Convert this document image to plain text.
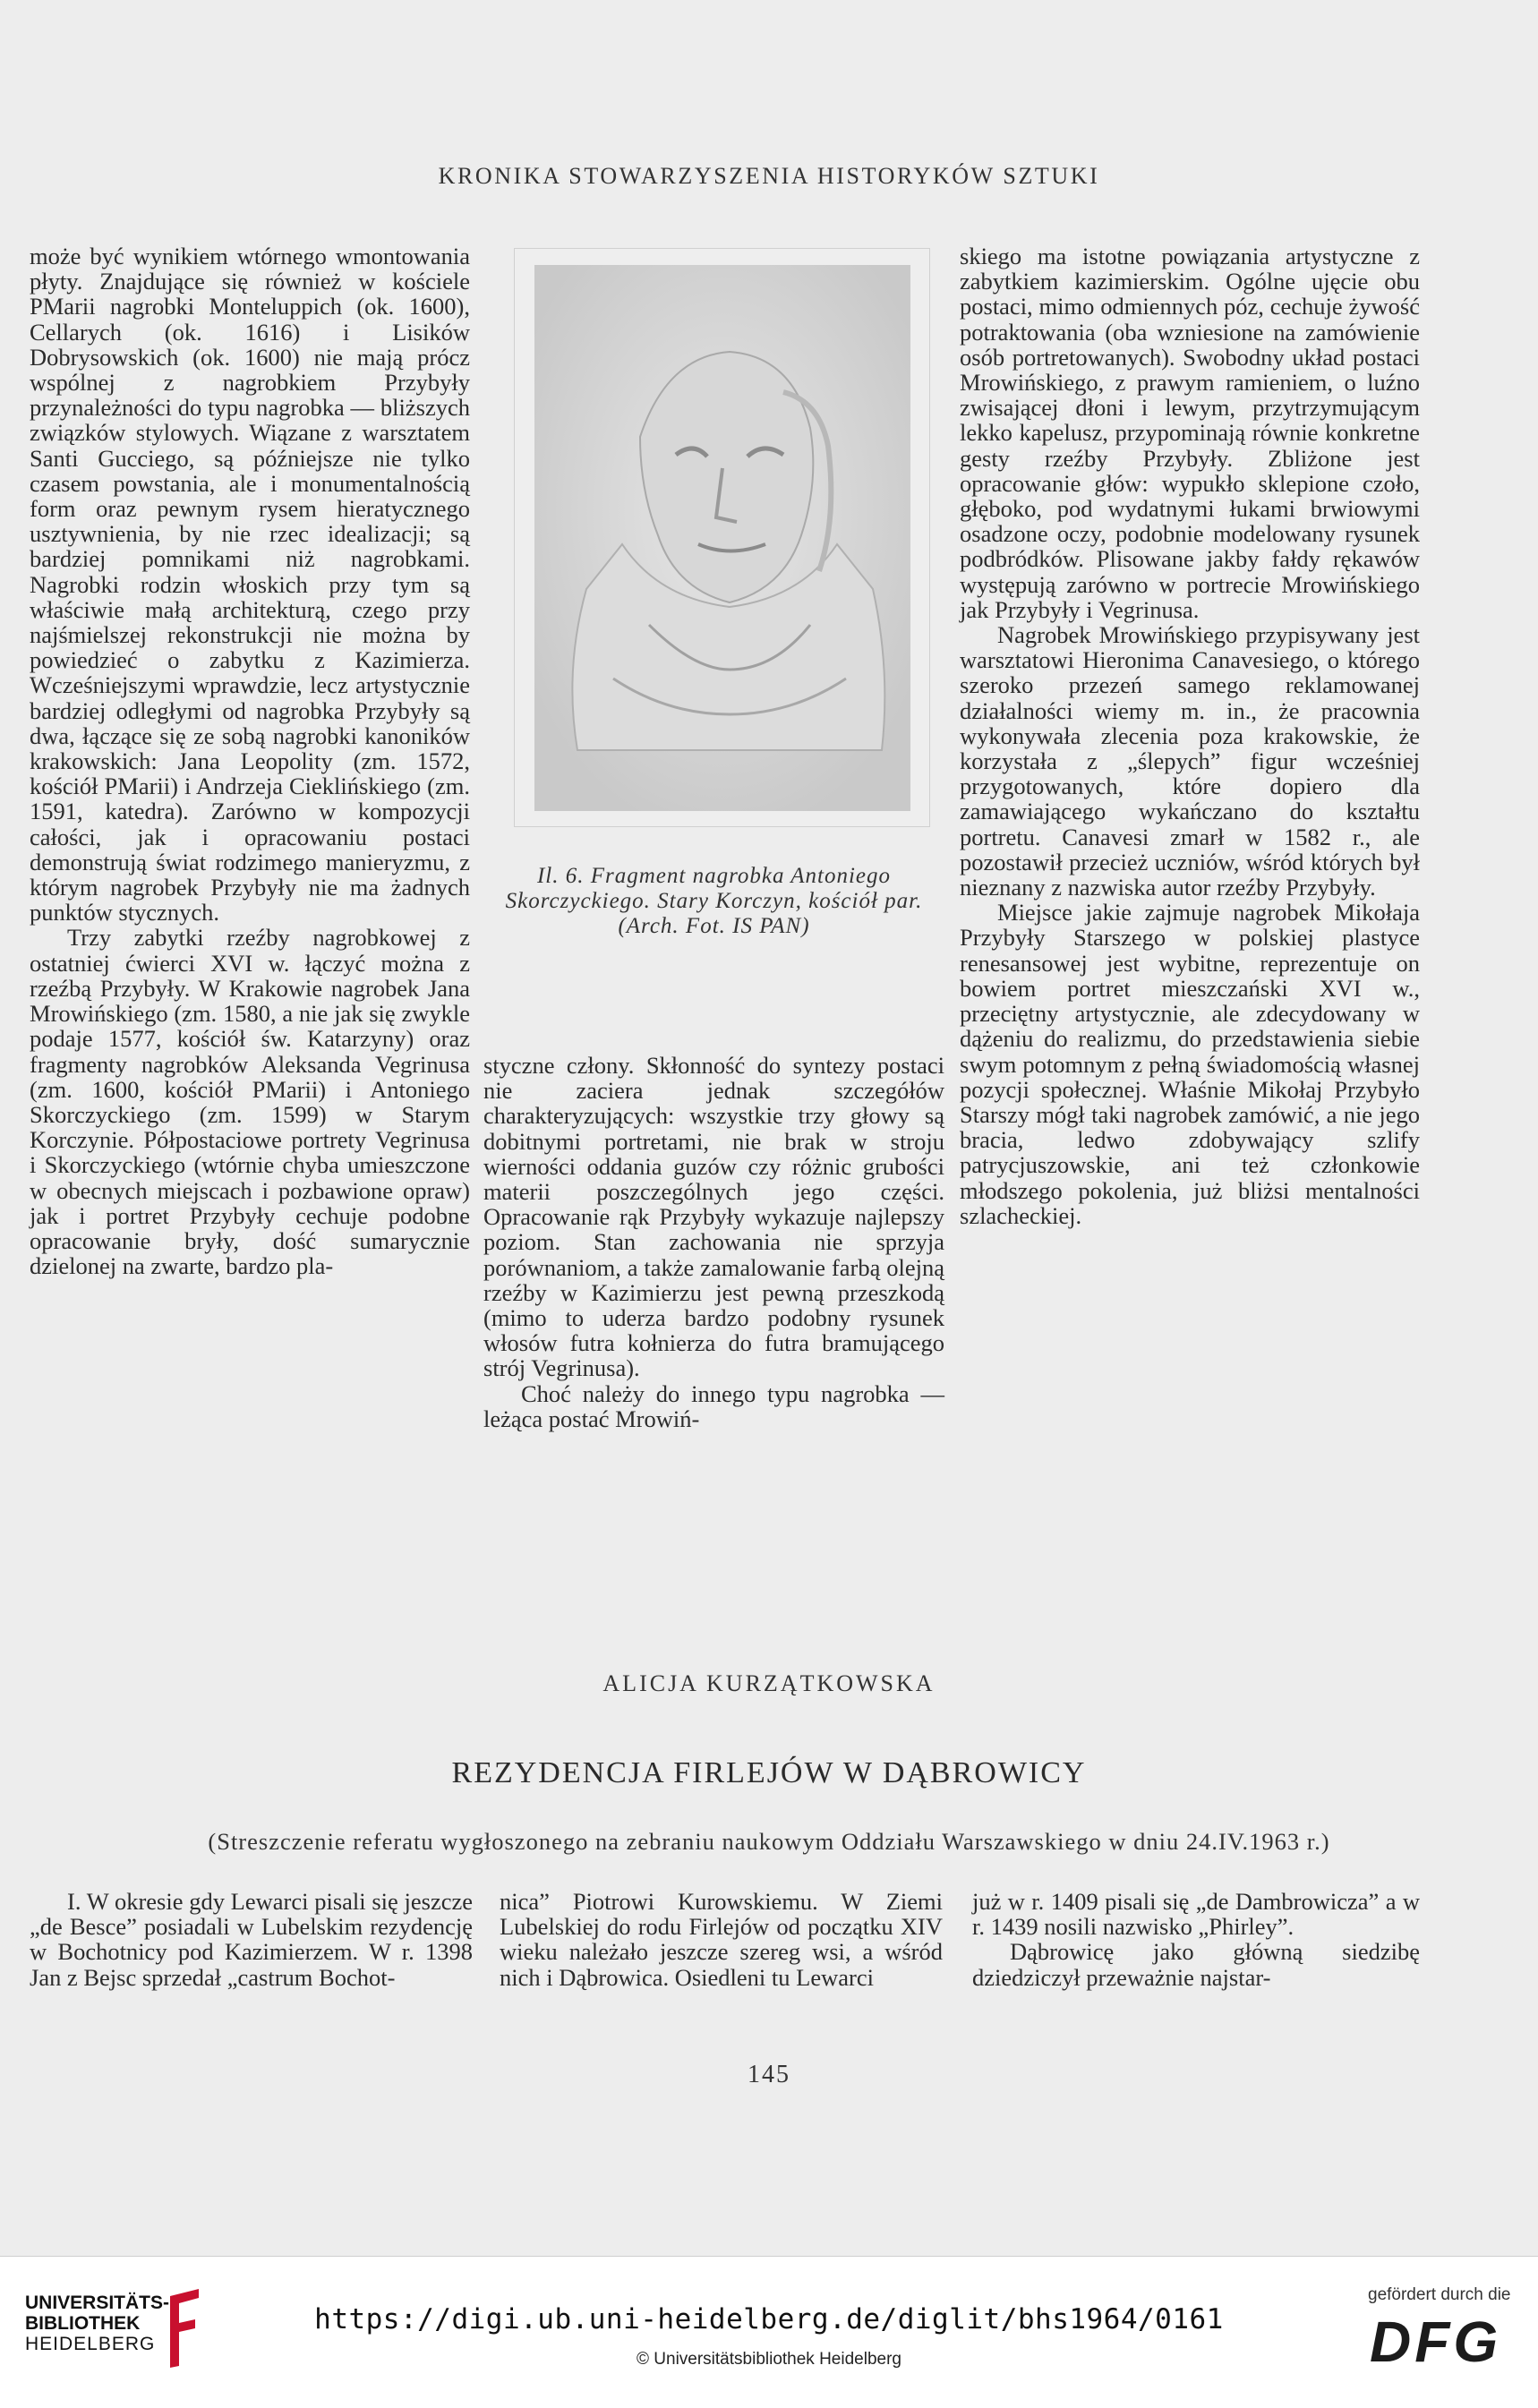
KRONIKA STOWARZYSZENIA HISTORYKÓW SZTUKI

może być wynikiem wtórnego wmontowania płyty. Znajdujące się również w kościele PMarii nagrobki Monteluppich (ok. 1600), Cellarych (ok. 1616) i Lisików Dobrysowskich (ok. 1600) nie mają prócz wspólnej z nagrobkiem Przybyły przynależności do typu nagrobka — bliższych związków stylowych. Wiązane z warsztatem Santi Gucciego, są późniejsze nie tylko czasem powstania, ale i monumentalnością form oraz pewnym rysem hieratycznego usztywnienia, by nie rzec idealizacji; są bardziej pomnikami niż nagrobkami. Nagrobki rodzin włoskich przy tym są właściwie małą architekturą, czego przy najśmielszej rekonstrukcji nie można by powiedzieć o zabytku z Kazimierza. Wcześniejszymi wprawdzie, lecz artystycznie bardziej odległymi od nagrobka Przybyły są dwa, łączące się ze sobą nagrobki kanoników krakowskich: Jana Leopolity (zm. 1572, kościół PMarii) i Andrzeja Cieklińskiego (zm. 1591, katedra). Zarówno w kompozycji całości, jak i opracowaniu postaci demonstrują świat rodzimego manieryzmu, z którym nagrobek Przybyły nie ma żadnych punktów stycznych.

Trzy zabytki rzeźby nagrobkowej z ostatniej ćwierci XVI w. łączyć można z rzeźbą Przybyły. W Krakowie nagrobek Jana Mrowińskiego (zm. 1580, a nie jak się zwykle podaje 1577, kościół św. Katarzyny) oraz fragmenty nagrobków Aleksanda Vegrinusa (zm. 1600, kościół PMarii) i Antoniego Skorczyckiego (zm. 1599) w Starym Korczynie. Półpostaciowe portrety Vegrinusa i Skorczyckiego (wtórnie chyba umieszczone w obecnych miejscach i pozbawione opraw) jak i portret Przybyły cechuje podobne opracowanie bryły, dość sumarycznie dzielonej na zwarte, bardzo pla-

Il. 6. Fragment nagrobka Antoniego Skorczyckiego. Stary Korczyn, kościół par. (Arch. Fot. IS PAN)

styczne człony. Skłonność do syntezy postaci nie zaciera jednak szczegółów charakteryzujących: wszystkie trzy głowy są dobitnymi portretami, nie brak w stroju wierności oddania guzów czy różnic grubości materii poszczególnych jego części. Opracowanie rąk Przybyły wykazuje najlepszy poziom. Stan zachowania nie sprzyja porównaniom, a także zamalowanie farbą olejną rzeźby w Kazimierzu jest pewną przeszkodą (mimo to uderza bardzo podobny rysunek włosów futra kołnierza do futra bramującego strój Vegrinusa).

Choć należy do innego typu nagrobka — leżąca postać Mrowiń-

skiego ma istotne powiązania artystyczne z zabytkiem kazimierskim. Ogólne ujęcie obu postaci, mimo odmiennych póz, cechuje żywość potraktowania (oba wzniesione na zamówienie osób portretowanych). Swobodny układ postaci Mrowińskiego, z prawym ramieniem, o luźno zwisającej dłoni i lewym, przytrzymującym lekko kapelusz, przypominają równie konkretne gesty rzeźby Przybyły. Zbliżone jest opracowanie głów: wypukło sklepione czoło, głęboko, pod wydatnymi łukami brwiowymi osadzone oczy, podobnie modelowany rysunek podbródków. Plisowane jakby fałdy rękawów występują zarówno w portrecie Mrowińskiego jak Przybyły i Vegrinusa.

Nagrobek Mrowińskiego przypisywany jest warsztatowi Hieronima Canavesiego, o którego szeroko przezeń samego reklamowanej działalności wiemy m. in., że pracownia wykonywała zlecenia poza krakowskie, że korzystała z „ślepych” figur wcześniej przygotowanych, które dopiero dla zamawiającego wykańczano do kształtu portretu. Canavesi zmarł w 1582 r., ale pozostawił przecież uczniów, wśród których był nieznany z nazwiska autor rzeźby Przybyły.

Miejsce jakie zajmuje nagrobek Mikołaja Przybyły Starszego w polskiej plastyce renesansowej jest wybitne, reprezentuje on bowiem portret mieszczański XVI w., przeciętny artystycznie, ale zdecydowany w dążeniu do realizmu, do przedstawienia siebie swym potomnym z pełną świadomością własnej pozycji społecznej. Właśnie Mikołaj Przybyło Starszy mógł taki nagrobek zamówić, a nie jego bracia, ledwo zdobywający szlify patrycjuszowskie, ani też członkowie młodszego pokolenia, już bliżsi mentalności szlacheckiej.

ALICJA KURZĄTKOWSKA
REZYDENCJA FIRLEJÓW W DĄBROWICY
(Streszczenie referatu wygłoszonego na zebraniu naukowym Oddziału Warszawskiego w dniu 24.IV.1963 r.)

I. W okresie gdy Lewarci pisali się jeszcze „de Besce” posiadali w Lubelskim rezydencję w Bochotnicy pod Kazimierzem. W r. 1398 Jan z Bejsc sprzedał „castrum Bochot-

nica” Piotrowi Kurowskiemu. W Ziemi Lubelskiej do rodu Firlejów od początku XIV wieku należało jeszcze szereg wsi, a wśród nich i Dąbrowica. Osiedleni tu Lewarci

już w r. 1409 pisali się „de Dambrowicza” a w r. 1439 nosili nazwisko „Phirley”.

Dąbrowicę jako główną siedzibę dziedziczył przeważnie najstar-

145
UNIVERSITÄTS-
BIBLIOTHEK
HEIDELBERG
https://digi.ub.uni-heidelberg.de/diglit/bhs1964/0161
© Universitätsbibliothek Heidelberg
gefördert durch die
DFG
